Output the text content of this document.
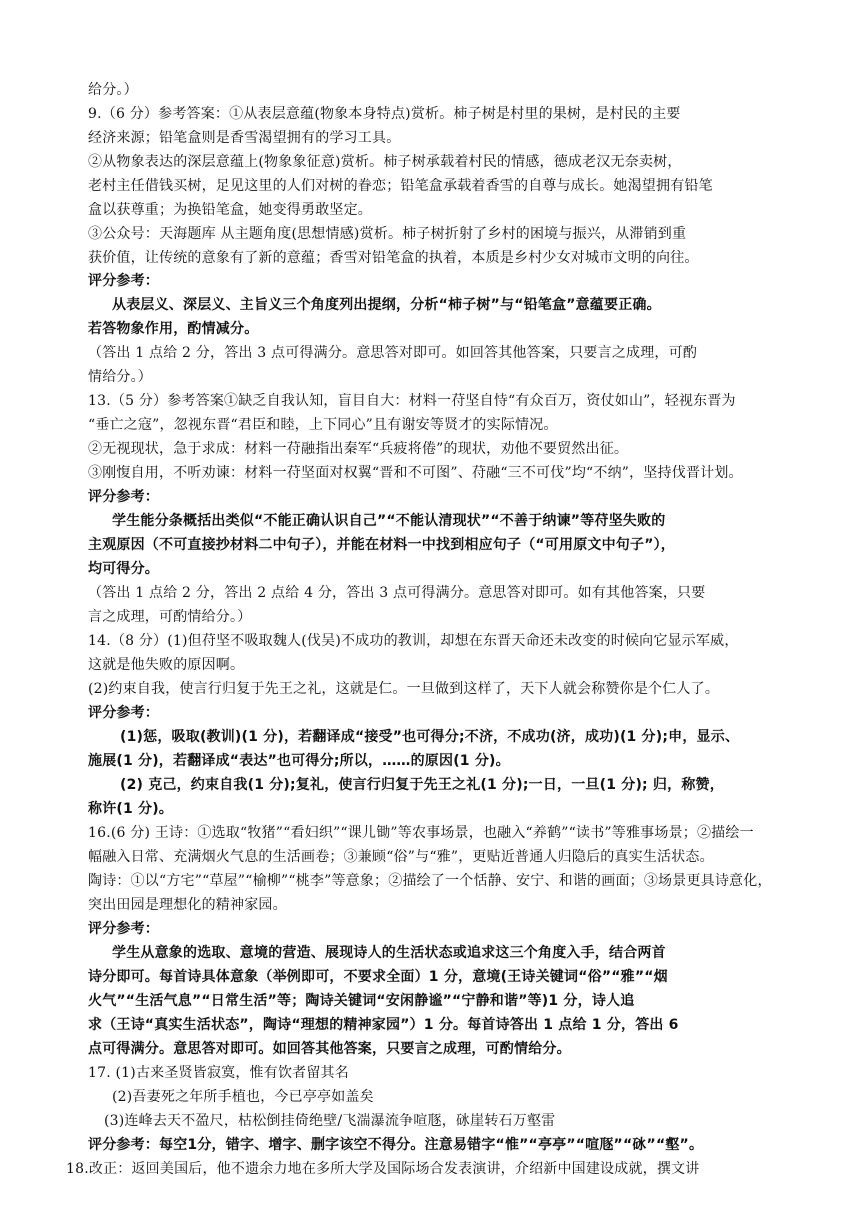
给分。）
9.（6 分）参考答案：①从表层意蕴(物象本身特点)赏析。柿子树是村里的果树，是村民的主要
经济来源；铅笔盒则是香雪渴望拥有的学习工具。
②从物象表达的深层意蕴上(物象象征意)赏析。柿子树承载着村民的情感，德成老汉无奈卖树，
老村主任借钱买树，足见这里的人们对树的眷恋；铅笔盒承载着香雪的自尊与成长。她渴望拥有铅笔
盒以获尊重；为换铅笔盒，她变得勇敢坚定。
③公众号：天海题库 从主题角度(思想情感)赏析。柿子树折射了乡村的困境与振兴，从滞销到重
获价值，让传统的意象有了新的意蕴；香雪对铅笔盒的执着，本质是乡村少女对城市文明的向往。
评分参考：
从表层义、深层义、主旨义三个角度列出提纲，分析“柿子树”与“铅笔盒”意蕴要正确。
若答物象作用，酌情减分。
（答出 1 点给 2 分，答出 3 点可得满分。意思答对即可。如回答其他答案，只要言之成理，可酌
情给分。）
13.（5 分）参考答案①缺乏自我认知，盲目自大：材料一苻坚自恃“有众百万，资仗如山”，轻视东晋为
“垂亡之寇”，忽视东晋“君臣和睦，上下同心”且有谢安等贤才的实际情况。
②无视现状，急于求成：材料一苻融指出秦军“兵疲将倦”的现状，劝他不要贸然出征。
③刚愎自用，不听劝谏：材料一苻坚面对权翼“晋和不可图”、苻融“三不可伐”均“不纳”，坚持伐晋计划。
评分参考：
学生能分条概括出类似“不能正确认识自己”“不能认清现状”“不善于纳谏”等苻坚失败的
主观原因（不可直接抄材料二中句子），并能在材料一中找到相应句子（“可用原文中句子”），
均可得分。
（答出 1 点给 2 分，答出 2 点给 4 分，答出 3 点可得满分。意思答对即可。如有其他答案，只要
言之成理，可酌情给分。）
14.（8 分）(1)但苻坚不吸取魏人(伐吴)不成功的教训，却想在东晋天命还未改变的时候向它显示军威，
这就是他失败的原因啊。
(2)约束自我，使言行归复于先王之礼，这就是仁。一旦做到这样了，天下人就会称赞你是个仁人了。
评分参考：
(1)惩，吸取(教训)(1 分)，若翻译成“接受”也可得分;不济，不成功(济，成功)(1 分);申，显示、
施展(1 分)，若翻译成“表达”也可得分;所以，……的原因(1 分)。
(2) 克己，约束自我(1 分);复礼，使言行归复于先王之礼(1 分);一日，一旦(1 分); 归，称赞，
称许(1 分)。
16.(6 分) 王诗：①选取“牧猪”“看妇织”“课儿锄”等农事场景，也融入“养鹤”“读书”等雅事场景；②描绘一
幅融入日常、充满烟火气息的生活画卷；③兼顾“俗”与“雅”，更贴近普通人归隐后的真实生活状态。
陶诗：①以“方宅”“草屋”“榆柳”“桃李”等意象；②描绘了一个恬静、安宁、和谐的画面；③场景更具诗意化，
突出田园是理想化的精神家园。
评分参考：
学生从意象的选取、意境的营造、展现诗人的生活状态或追求这三个角度入手，结合两首
诗分即可。每首诗具体意象（举例即可，不要求全面）1 分，意境(王诗关键词“俗”“雅”“烟
火气”“生活气息”“日常生活”等；陶诗关键词“安闲静谧”“宁静和谐”等)1 分，诗人追
求（王诗“真实生活状态”，陶诗“理想的精神家园”）1 分。每首诗答出 1 点给 1 分，答出 6
点可得满分。意思答对即可。如回答其他答案，只要言之成理，可酌情给分。
17. (1)古来圣贤皆寂寞，惟有饮者留其名
(2)吾妻死之年所手植也，今已亭亭如盖矣
(3)连峰去天不盈尺，枯松倒挂倚绝壁/飞湍瀑流争喧豗，砯崖转石万壑雷
评分参考：每空1分，错字、增字、删字该空不得分。注意易错字“惟”“亭亭”“喧豗”“砯”“壑”。
18.改正：返回美国后，他不遗余力地在多所大学及国际场合发表演讲，介绍新中国建设成就，撰文讲
